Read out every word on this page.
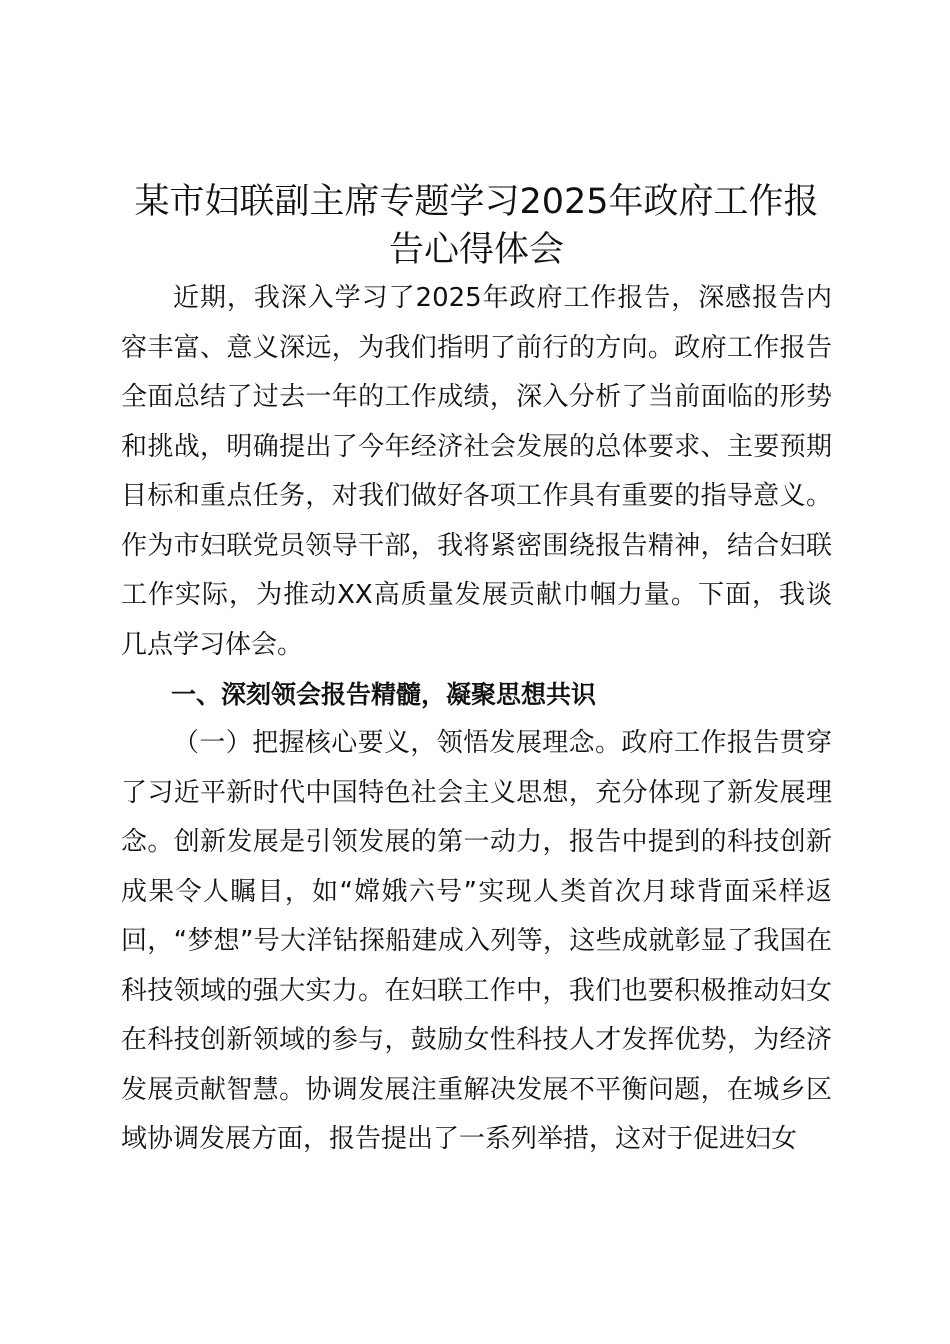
某市妇联副主席专题学习2025年政府工作报告心得体会

近期，我深入学习了2025年政府工作报告，深感报告内容丰富、意义深远，为我们指明了前行的方向。政府工作报告全面总结了过去一年的工作成绩，深入分析了当前面临的形势和挑战，明确提出了今年经济社会发展的总体要求、主要预期目标和重点任务，对我们做好各项工作具有重要的指导意义。作为市妇联党员领导干部，我将紧密围绕报告精神，结合妇联工作实际，为推动XX高质量发展贡献巾帼力量。下面，我谈几点学习体会。

一、深刻领会报告精髓，凝聚思想共识

（一）把握核心要义，领悟发展理念。政府工作报告贯穿了习近平新时代中国特色社会主义思想，充分体现了新发展理念。创新发展是引领发展的第一动力，报告中提到的科技创新成果令人瞩目，如“嫦娥六号”实现人类首次月球背面采样返回，“梦想”号大洋钻探船建成入列等，这些成就彰显了我国在科技领域的强大实力。在妇联工作中，我们也要积极推动妇女在科技创新领域的参与，鼓励女性科技人才发挥优势，为经济发展贡献智慧。协调发展注重解决发展不平衡问题，在城乡区域协调发展方面，报告提出了一系列举措，这对于促进妇女
